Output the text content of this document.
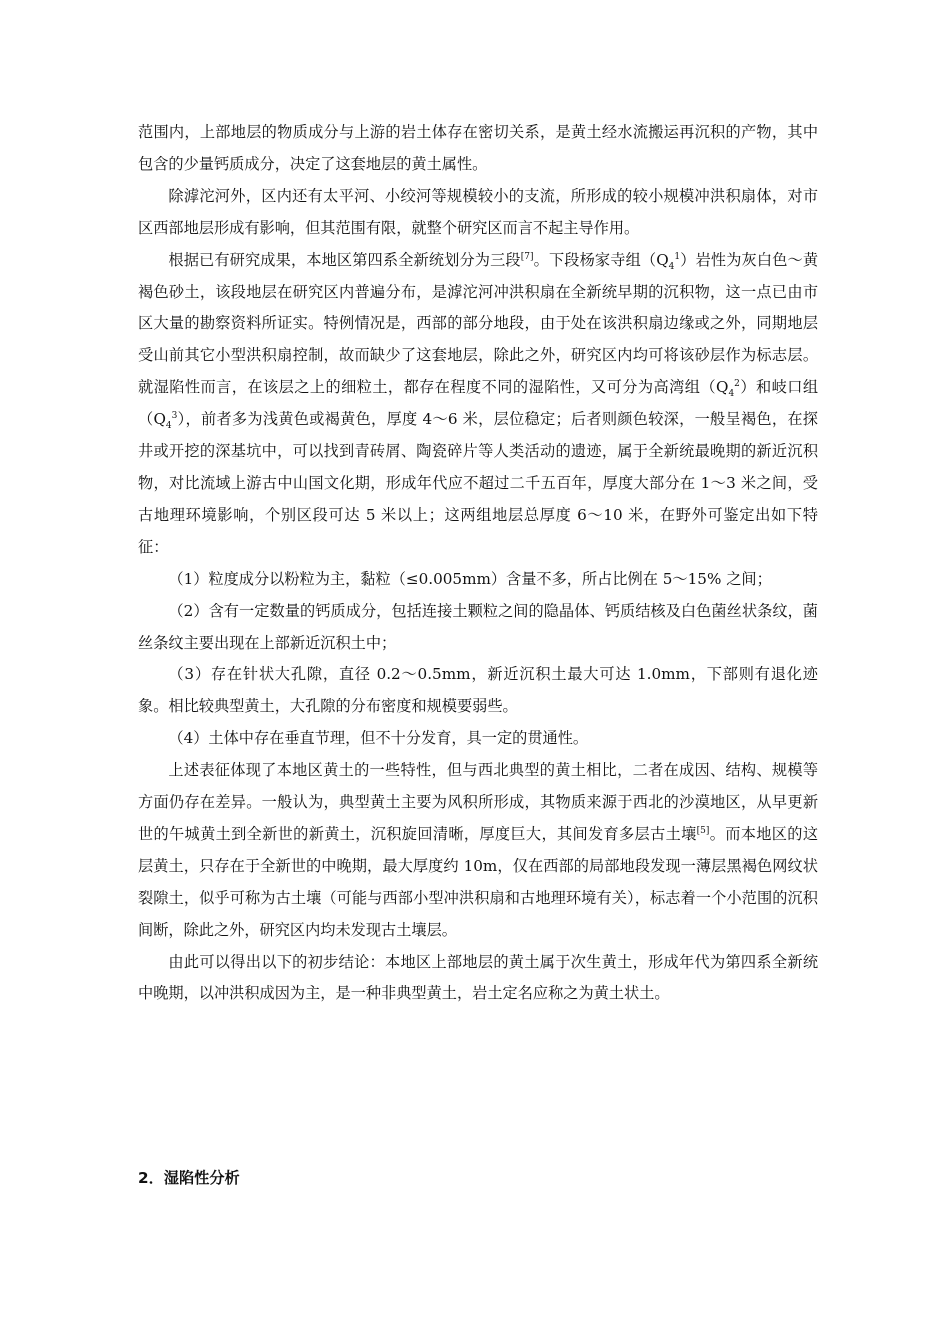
范围内，上部地层的物质成分与上游的岩土体存在密切关系，是黄土经水流搬运再沉积的产物，其中包含的少量钙质成分，决定了这套地层的黄土属性。

除滹沱河外，区内还有太平河、小绞河等规模较小的支流，所形成的较小规模冲洪积扇体，对市区西部地层形成有影响，但其范围有限，就整个研究区而言不起主导作用。

根据已有研究成果，本地区第四系全新统划分为三段[7]。下段杨家寺组$(Q_4^1)$岩性为灰白色～黄褐色砂土，该段地层在研究区内普遍分布，是滹沱河冲洪积扇在全新统早期的沉积物，这一点已由市区大量的勘察资料所证实。特例情况是，西部的部分地段，由于处在该洪积扇边缘或之外，同期地层受山前其它小型洪积扇控制，故而缺少了这套地层，除此之外，研究区内均可将该砂层作为标志层。就湿陷性而言，在该层之上的细粒土，都存在程度不同的湿陷性，又可分为高湾组$(Q_4^2)$和岐口组$(Q_4^3)$，前者多为浅黄色或褐黄色，厚度 4～6 米，层位稳定；后者则颜色较深，一般呈褐色，在探井或开挖的深基坑中，可以找到青砖屑、陶瓷碎片等人类活动的遗迹，属于全新统最晚期的新近沉积物，对比流域上游古中山国文化期，形成年代应不超过二千五百年，厚度大部分在 1～3 米之间，受古地理环境影响，个别区段可达 5 米以上；这两组地层总厚度 6～10 米，在野外可鉴定出如下特征：

（1）粒度成分以粉粒为主，黏粒（≤0.005mm）含量不多，所占比例在 5～15% 之间；

（2）含有一定数量的钙质成分，包括连接土颗粒之间的隐晶体、钙质结核及白色菌丝状条纹，菌丝条纹主要出现在上部新近沉积土中；

（3）存在针状大孔隙，直径 0.2～0.5mm，新近沉积土最大可达 1.0mm，下部则有退化迹象。相比较典型黄土，大孔隙的分布密度和规模要弱些。

（4）土体中存在垂直节理，但不十分发育，具一定的贯通性。

上述表征体现了本地区黄土的一些特性，但与西北典型的黄土相比，二者在成因、结构、规模等方面仍存在差异。一般认为，典型黄土主要为风积所形成，其物质来源于西北的沙漠地区，从早更新世的午城黄土到全新世的新黄土，沉积旋回清晰，厚度巨大，其间发育多层古土壤[5]。而本地区的这层黄土，只存在于全新世的中晚期，最大厚度约 10m，仅在西部的局部地段发现一薄层黑褐色网纹状裂隙土，似乎可称为古土壤（可能与西部小型冲洪积扇和古地理环境有关），标志着一个小范围的沉积间断，除此之外，研究区内均未发现古土壤层。

由此可以得出以下的初步结论：本地区上部地层的黄土属于次生黄土，形成年代为第四系全新统中晚期，以冲洪积成因为主，是一种非典型黄土，岩土定名应称之为黄土状土。

2．湿陷性分析
